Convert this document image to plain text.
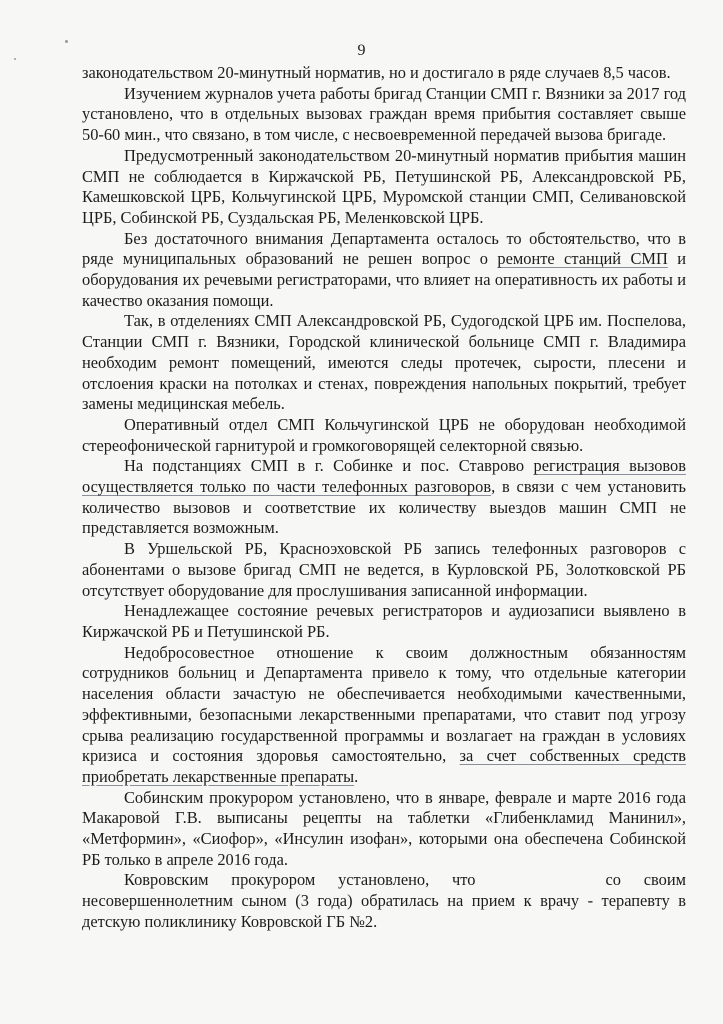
9

законодательством 20-минутный норматив, но и достигало в ряде случаев 8,5 часов.

Изучением журналов учета работы бригад Станции СМП г. Вязники за 2017 год установлено, что в отдельных вызовах граждан время прибытия составляет свыше 50-60 мин., что связано, в том числе, с несвоевременной передачей вызова бригаде.

Предусмотренный законодательством 20-минутный норматив прибытия машин СМП не соблюдается в Киржачской РБ, Петушинской РБ, Александровской РБ, Камешковской ЦРБ, Кольчугинской ЦРБ, Муромской станции СМП, Селивановской ЦРБ, Собинской РБ, Суздальская РБ, Меленковской ЦРБ.

Без достаточного внимания Департамента осталось то обстоятельство, что в ряде муниципальных образований не решен вопрос о ремонте станций СМП и оборудования их речевыми регистраторами, что влияет на оперативность их работы и качество оказания помощи.

Так, в отделениях СМП Александровской РБ, Судогодской ЦРБ им. Поспелова, Станции СМП г. Вязники, Городской клинической больнице СМП г. Владимира необходим ремонт помещений, имеются следы протечек, сырости, плесени и отслоения краски на потолках и стенах, повреждения напольных покрытий, требует замены медицинская мебель.

Оперативный отдел СМП Кольчугинской ЦРБ не оборудован необходимой стереофонической гарнитурой и громкоговорящей селекторной связью.

На подстанциях СМП в г. Собинке и пос. Ставрово регистрация вызовов осуществляется только по части телефонных разговоров, в связи с чем установить количество вызовов и соответствие их количеству выездов машин СМП не представляется возможным.

В Уршельской РБ, Красноэховской РБ запись телефонных разговоров с абонентами о вызове бригад СМП не ведется, в Курловской РБ, Золотковской РБ отсутствует оборудование для прослушивания записанной информации.

Ненадлежащее состояние речевых регистраторов и аудиозаписи выявлено в Киржачской РБ и Петушинской РБ.

Недобросовестное отношение к своим должностным обязанностям сотрудников больниц и Департамента привело к тому, что отдельные категории населения области зачастую не обеспечивается необходимыми качественными, эффективными, безопасными лекарственными препаратами, что ставит под угрозу срыва реализацию государственной программы и возлагает на граждан в условиях кризиса и состояния здоровья самостоятельно, за счет собственных средств приобретать лекарственные препараты.

Собинским прокурором установлено, что в январе, феврале и марте 2016 года Макаровой Г.В. выписаны рецепты на таблетки «Глибенкламид Манинил», «Метформин», «Сиофор», «Инсулин изофан», которыми она обеспечена Собинской РБ только в апреле 2016 года.

Ковровским прокурором установлено, что	со своим несовершеннолетним сыном (3 года) обратилась на прием к врачу - терапевту в детскую поликлинику Ковровской ГБ №2.
